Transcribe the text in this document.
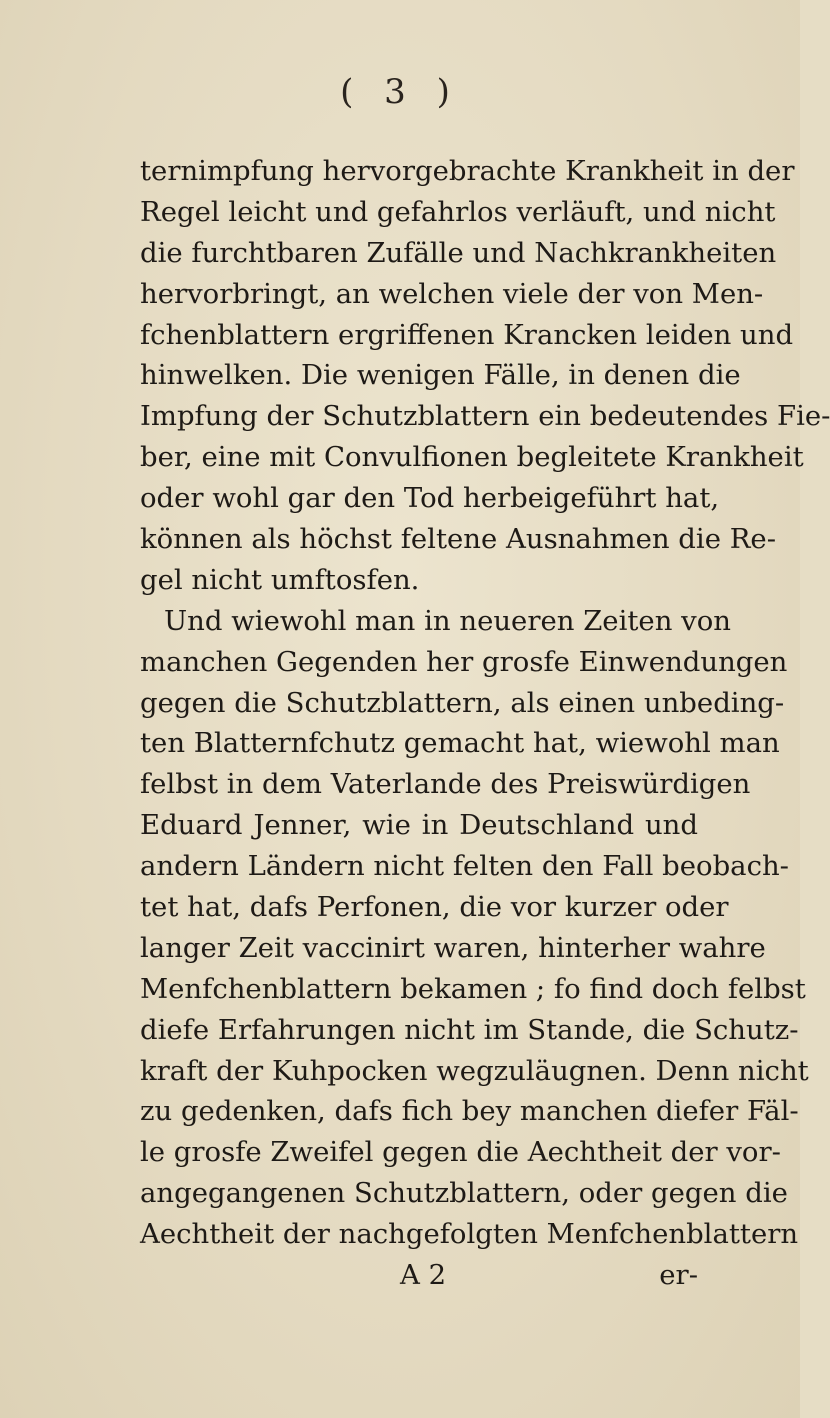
( 3 )
ternimpfung hervorgebrachte Krankheit in der
Regel leicht und gefahrlos verläuft, und nicht
die furchtbaren Zufälle und Nachkrankheiten
hervorbringt, an welchen viele der von Men-
fchenblattern ergriffenen Krancken leiden und
hinwelken. Die wenigen Fälle, in denen die
Impfung der Schutzblattern ein bedeutendes Fie-
ber, eine mit Convulfionen begleitete Krankheit
oder wohl gar den Tod herbeigeführt hat,
können als höchst feltene Ausnahmen die Re-
gel nicht umftosfen.
Und wiewohl man in neueren Zeiten von
manchen Gegenden her grosfe Einwendungen
gegen die Schutzblattern, als einen unbeding-
ten Blatternfchutz gemacht hat, wiewohl man
felbst in dem Vaterlande des Preiswürdigen
Eduard Jenner, wie in Deutschland und
andern Ländern nicht felten den Fall beobach-
tet hat, dafs Perfonen, die vor kurzer oder
langer Zeit vaccinirt waren, hinterher wahre
Menfchenblattern bekamen ; fo find doch felbst
diefe Erfahrungen nicht im Stande, die Schutz-
kraft der Kuhpocken wegzuläugnen. Denn nicht
zu gedenken, dafs fich bey manchen diefer Fäl-
le grosfe Zweifel gegen die Aechtheit der vor-
angegangenen Schutzblattern, oder gegen die
Aechtheit der nachgefolgten Menfchenblattern
A 2	er-
